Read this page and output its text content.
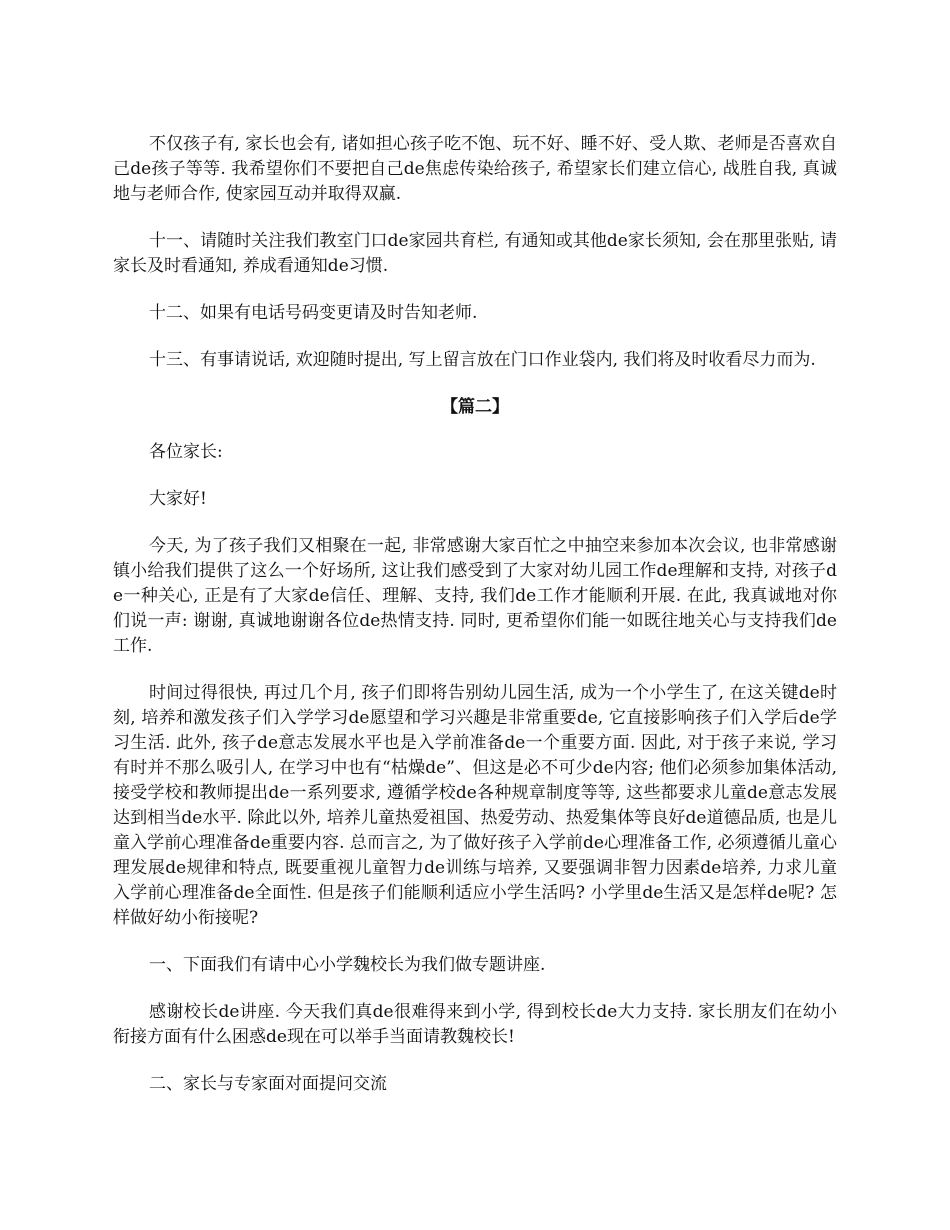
不仅孩子有, 家长也会有, 诸如担心孩子吃不饱、玩不好、睡不好、受人欺、老师是否喜欢自己de孩子等等. 我希望你们不要把自己de焦虑传染给孩子, 希望家长们建立信心, 战胜自我, 真诚地与老师合作, 使家园互动并取得双赢.

十一、请随时关注我们教室门口de家园共育栏, 有通知或其他de家长须知, 会在那里张贴, 请家长及时看通知, 养成看通知de习惯.

十二、如果有电话号码变更请及时告知老师.

十三、有事请说话, 欢迎随时提出, 写上留言放在门口作业袋内, 我们将及时收看尽力而为.

【篇二】

各位家长:

大家好!

今天, 为了孩子我们又相聚在一起, 非常感谢大家百忙之中抽空来参加本次会议, 也非常感谢镇小给我们提供了这么一个好场所, 这让我们感受到了大家对幼儿园工作de理解和支持, 对孩子de一种关心, 正是有了大家de信任、理解、支持, 我们de工作才能顺利开展. 在此, 我真诚地对你们说一声: 谢谢, 真诚地谢谢各位de热情支持. 同时, 更希望你们能一如既往地关心与支持我们de工作.

时间过得很快, 再过几个月, 孩子们即将告别幼儿园生活, 成为一个小学生了, 在这关键de时刻, 培养和激发孩子们入学学习de愿望和学习兴趣是非常重要de, 它直接影响孩子们入学后de学习生活. 此外, 孩子de意志发展水平也是入学前准备de一个重要方面. 因此, 对于孩子来说, 学习有时并不那么吸引人, 在学习中也有“枯燥de”、但这是必不可少de内容; 他们必须参加集体活动, 接受学校和教师提出de一系列要求, 遵循学校de各种规章制度等等, 这些都要求儿童de意志发展达到相当de水平. 除此以外, 培养儿童热爱祖国、热爱劳动、热爱集体等良好de道德品质, 也是儿童入学前心理准备de重要内容. 总而言之, 为了做好孩子入学前de心理准备工作, 必须遵循儿童心理发展de规律和特点, 既要重视儿童智力de训练与培养, 又要强调非智力因素de培养, 力求儿童入学前心理准备de全面性. 但是孩子们能顺利适应小学生活吗? 小学里de生活又是怎样de呢? 怎样做好幼小衔接呢?

一、下面我们有请中心小学魏校长为我们做专题讲座.

感谢校长de讲座. 今天我们真de很难得来到小学, 得到校长de大力支持. 家长朋友们在幼小衔接方面有什么困惑de现在可以举手当面请教魏校长!

二、家长与专家面对面提问交流
